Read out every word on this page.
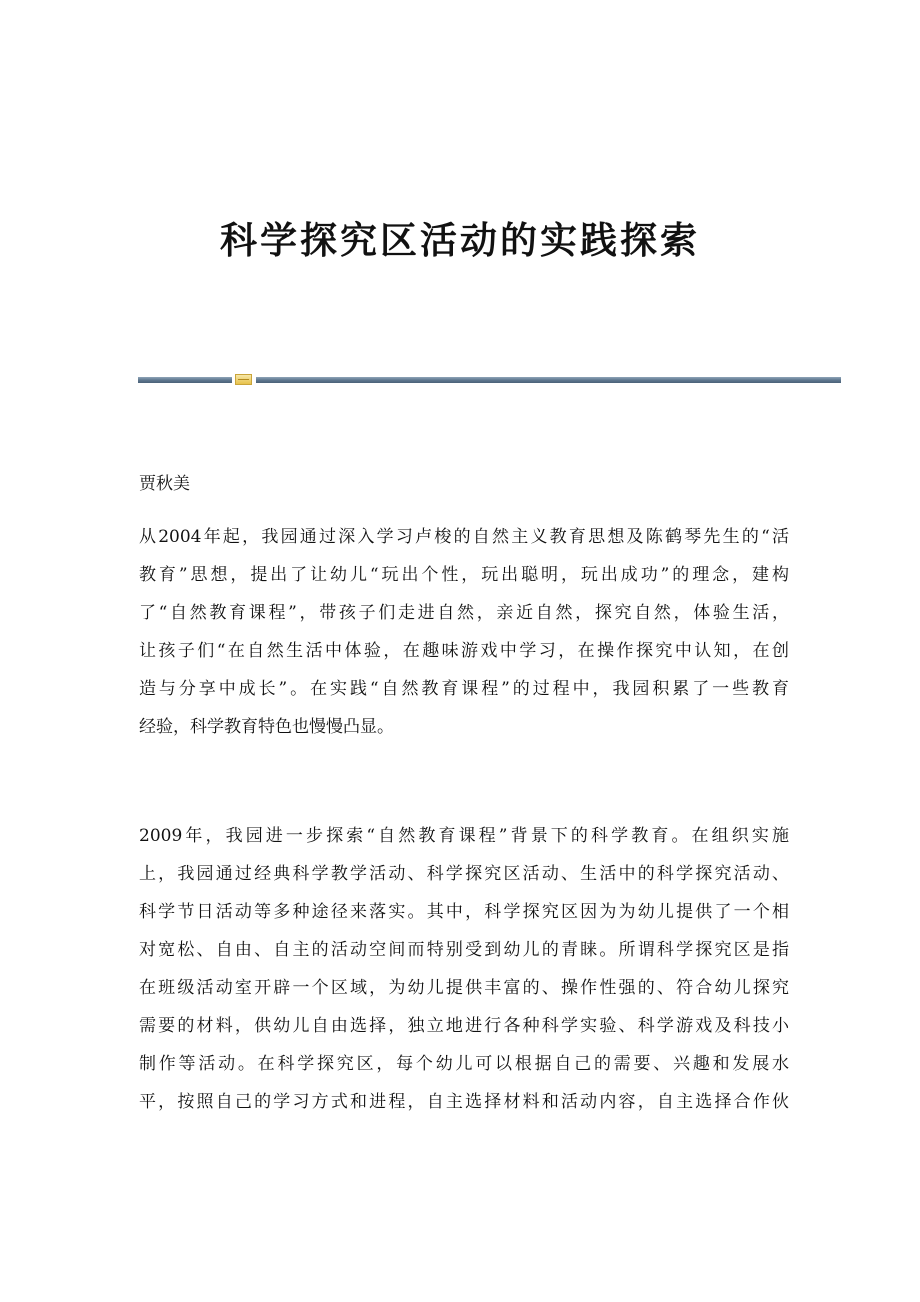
科学探究区活动的实践探索

贾秋美

从2004年起，我园通过深入学习卢梭的自然主义教育思想及陈鹤琴先生的“活
教育”思想，提出了让幼儿“玩出个性，玩出聪明，玩出成功”的理念，建构
了“自然教育课程”，带孩子们走进自然，亲近自然，探究自然，体验生活，
让孩子们“在自然生活中体验，在趣味游戏中学习，在操作探究中认知，在创
造与分享中成长”。在实践“自然教育课程”的过程中，我园积累了一些教育
经验，科学教育特色也慢慢凸显。
2009年，我园进一步探索“自然教育课程”背景下的科学教育。在组织实施
上，我园通过经典科学教学活动、科学探究区活动、生活中的科学探究活动、
科学节日活动等多种途径来落实。其中，科学探究区因为为幼儿提供了一个相
对宽松、自由、自主的活动空间而特别受到幼儿的青睐。所谓科学探究区是指
在班级活动室开辟一个区域，为幼儿提供丰富的、操作性强的、符合幼儿探究
需要的材料，供幼儿自由选择，独立地进行各种科学实验、科学游戏及科技小
制作等活动。在科学探究区，每个幼儿可以根据自己的需要、兴趣和发展水
平，按照自己的学习方式和进程，自主选择材料和活动内容，自主选择合作伙
